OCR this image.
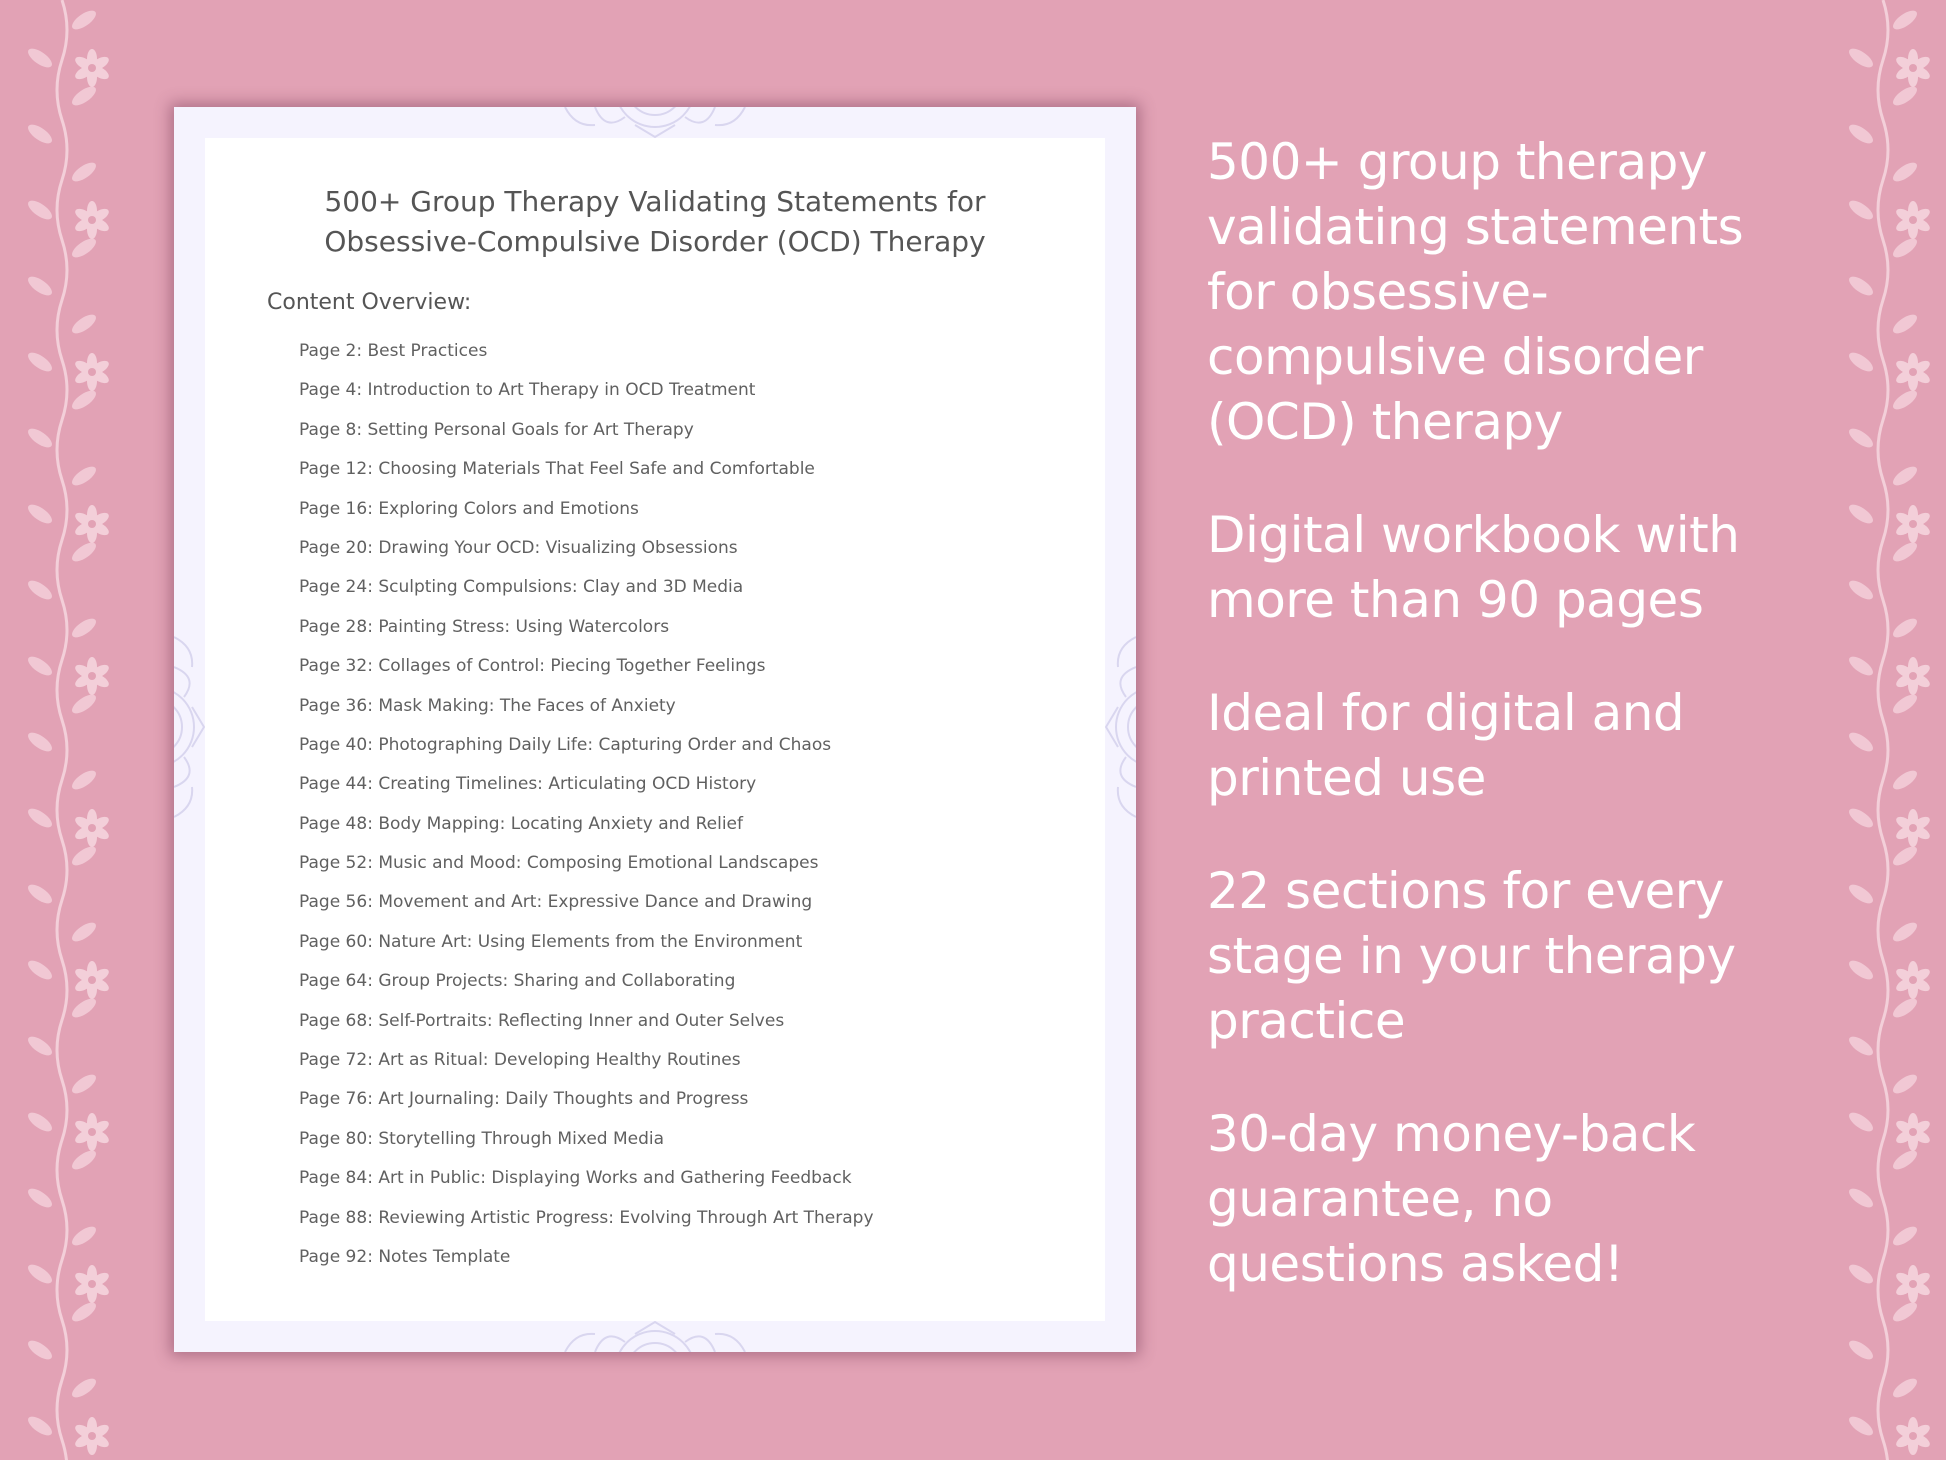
500+ Group Therapy Validating Statements for
Obsessive-Compulsive Disorder (OCD) Therapy
Content Overview:
Page 2: Best Practices
Page 4: Introduction to Art Therapy in OCD Treatment
Page 8: Setting Personal Goals for Art Therapy
Page 12: Choosing Materials That Feel Safe and Comfortable
Page 16: Exploring Colors and Emotions
Page 20: Drawing Your OCD: Visualizing Obsessions
Page 24: Sculpting Compulsions: Clay and 3D Media
Page 28: Painting Stress: Using Watercolors
Page 32: Collages of Control: Piecing Together Feelings
Page 36: Mask Making: The Faces of Anxiety
Page 40: Photographing Daily Life: Capturing Order and Chaos
Page 44: Creating Timelines: Articulating OCD History
Page 48: Body Mapping: Locating Anxiety and Relief
Page 52: Music and Mood: Composing Emotional Landscapes
Page 56: Movement and Art: Expressive Dance and Drawing
Page 60: Nature Art: Using Elements from the Environment
Page 64: Group Projects: Sharing and Collaborating
Page 68: Self-Portraits: Reflecting Inner and Outer Selves
Page 72: Art as Ritual: Developing Healthy Routines
Page 76: Art Journaling: Daily Thoughts and Progress
Page 80: Storytelling Through Mixed Media
Page 84: Art in Public: Displaying Works and Gathering Feedback
Page 88: Reviewing Artistic Progress: Evolving Through Art Therapy
Page 92: Notes Template
500+ group therapy
validating statements
for obsessive-
compulsive disorder
(OCD) therapy
Digital workbook with
more than 90 pages
Ideal for digital and
printed use
22 sections for every
stage in your therapy
practice
30-day money-back
guarantee, no
questions asked!
